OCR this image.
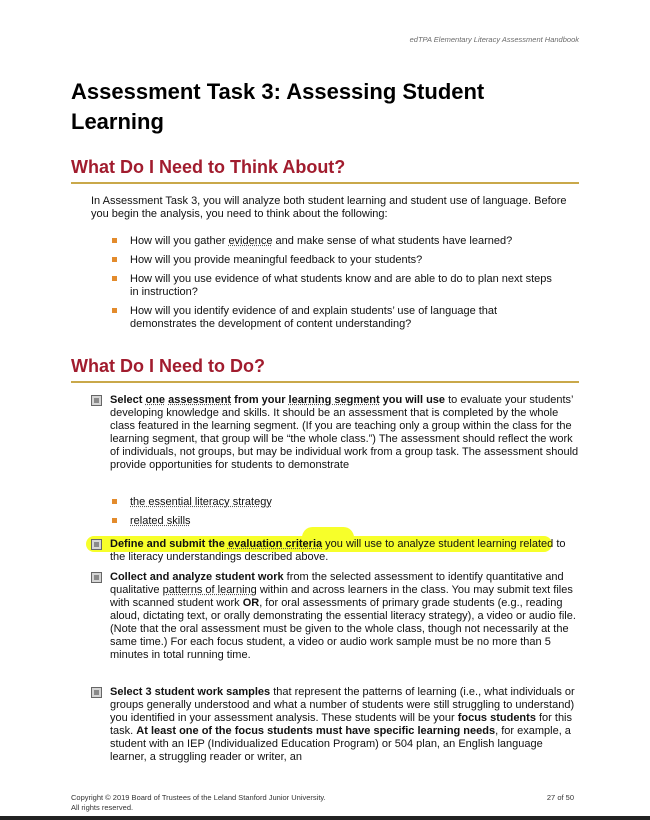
edTPA Elementary Literacy Assessment Handbook
Assessment Task 3: Assessing Student Learning
What Do I Need to Think About?

In Assessment Task 3, you will analyze both student learning and student use of language. Before you begin the analysis, you need to think about the following:

How will you gather evidence and make sense of what students have learned?
How will you provide meaningful feedback to your students?
How will you use evidence of what students know and are able to do to plan next steps in instruction?
How will you identify evidence of and explain students’ use of language that demonstrates the development of content understanding?
What Do I Need to Do?

Select one assessment from your learning segment you will use to evaluate your students’ developing knowledge and skills. It should be an assessment that is completed by the whole class featured in the learning segment. (If you are teaching only a group within the class for the learning segment, that group will be “the whole class.”) The assessment should reflect the work of individuals, not groups, but may be individual work from a group task. The assessment should provide opportunities for students to demonstrate

the essential literacy strategy
related skills

Define and submit the evaluation criteria you will use to analyze student learning related to the literacy understandings described above.

Collect and analyze student work from the selected assessment to identify quantitative and qualitative patterns of learning within and across learners in the class. You may submit text files with scanned student work OR, for oral assessments of primary grade students (e.g., reading aloud, dictating text, or orally demonstrating the essential literacy strategy), a video or audio file. (Note that the oral assessment must be given to the whole class, though not necessarily at the same time.) For each focus student, a video or audio work sample must be no more than 5 minutes in total running time.

Select 3 student work samples that represent the patterns of learning (i.e., what individuals or groups generally understood and what a number of students were still struggling to understand) you identified in your assessment analysis. These students will be your focus students for this task. At least one of the focus students must have specific learning needs, for example, a student with an IEP (Individualized Education Program) or 504 plan, an English language learner, a struggling reader or writer, an

Copyright © 2019 Board of Trustees of the Leland Stanford Junior University.
All rights reserved.
27 of 50
